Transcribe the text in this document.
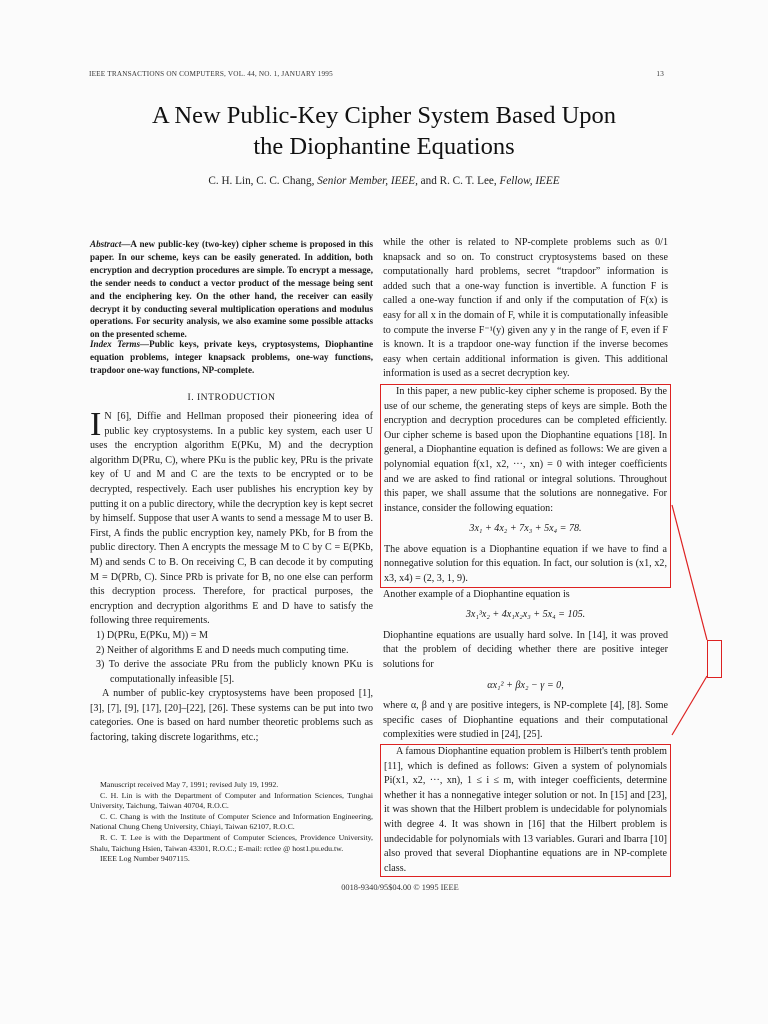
IEEE TRANSACTIONS ON COMPUTERS, VOL. 44, NO. 1, JANUARY 1995	13
A New Public-Key Cipher System Based Upon
the Diophantine Equations
C. H. Lin, C. C. Chang, Senior Member, IEEE, and R. C. T. Lee, Fellow, IEEE
Abstract—A new public-key (two-key) cipher scheme is proposed in this paper. In our scheme, keys can be easily generated. In addition, both encryption and decryption procedures are simple. To encrypt a message, the sender needs to conduct a vector product of the message being sent and the enciphering key. On the other hand, the receiver can easily decrypt it by conducting several multiplication operations and modulus operations. For security analysis, we also examine some possible attacks on the presented scheme.
Index Terms—Public keys, private keys, cryptosystems, Diophantine equation problems, integer knapsack problems, one-way functions, trapdoor one-way functions, NP-complete.
I. INTRODUCTION

I N [6], Diffie and Hellman proposed their pioneering idea of public key cryptosystems. In a public key system, each user U uses the encryption algorithm E(PKu, M) and the decryption algorithm D(PRu, C), where PKu is the public key, PRu is the private key of U and M and C are the texts to be encrypted or to be decrypted, respectively. Each user publishes his encryption key by putting it on a public directory, while the decryption key is kept secret by himself. Suppose that user A wants to send a message M to user B. First, A finds the public encryption key, namely PKb, for B from the public directory. Then A encrypts the message M to C by C = E(PKb, M) and sends C to B. On receiving C, B can decode it by computing M = D(PRb, C). Since PRb is private for B, no one else can perform this decryption process. Therefore, for practical purposes, the encryption and decryption algorithms E and D have to satisfy the following three requirements.

1) D(PRu, E(PKu, M)) = M
2) Neither of algorithms E and D needs much computing time.
3) To derive the associate PRu from the publicly known PKu is computationally infeasible [5].

A number of public-key cryptosystems have been proposed [1], [3], [7], [9], [17], [20]–[22], [26]. These systems can be put into two categories. One is based on hard number theoretic problems such as factoring, taking discrete logarithms, etc.;

Manuscript received May 7, 1991; revised July 19, 1992.

C. H. Lin is with the Department of Computer and Information Sciences, Tunghai University, Taichung, Taiwan 40704, R.O.C.

C. C. Chang is with the Institute of Computer Science and Information Engineering, National Chung Cheng University, Chiayi, Taiwan 62107, R.O.C.

R. C. T. Lee is with the Department of Computer Sciences, Providence University, Shalu, Taichung Hsien, Taiwan 43301, R.O.C.; E-mail: rctlee @ host1.pu.edu.tw.

IEEE Log Number 9407115.

while the other is related to NP-complete problems such as 0/1 knapsack and so on. To construct cryptosystems based on these computationally hard problems, secret “trapdoor” information is added such that a one-way function is invertible. A function F is called a one-way function if and only if the computation of F(x) is easy for all x in the domain of F, while it is computationally infeasible to compute the inverse F⁻¹(y) given any y in the range of F, even if F is known. It is a trapdoor one-way function if the inverse becomes easy when certain additional information is given. This additional information is used as a secret decryption key.

In this paper, a new public-key cipher scheme is proposed. By the use of our scheme, the generating steps of keys are simple. Both the encryption and decryption procedures can be completed efficiently. Our cipher scheme is based upon the Diophantine equations [18]. In general, a Diophantine equation is defined as follows: We are given a polynomial equation f(x1, x2, ···, xn) = 0 with integer coefficients and we are asked to find rational or integral solutions. Throughout this paper, we shall assume that the solutions are nonnegative. For instance, consider the following equation:

3x₁ + 4x₂ + 7x₃ + 5x₄ = 78.

The above equation is a Diophantine equation if we have to find a nonnegative solution for this equation. In fact, our solution is (x1, x2, x3, x4) = (2, 3, 1, 9).

Another example of a Diophantine equation is

3x₁³x₂ + 4x₁x₂x₃ + 5x₄ = 105.

Diophantine equations are usually hard solve. In [14], it was proved that the problem of deciding whether there are positive integer solutions for

αx₁² + βx₂ − γ = 0,

where α, β and γ are positive integers, is NP-complete [4], [8]. Some specific cases of Diophantine equations and their computational complexities were studied in [24], [25].

A famous Diophantine equation problem is Hilbert's tenth problem [11], which is defined as follows: Given a system of polynomials Pi(x1, x2, ···, xn), 1 ≤ i ≤ m, with integer coefficients, determine whether it has a nonnegative integer solution or not. In [15] and [23], it was shown that the Hilbert problem is undecidable for polynomials with degree 4. It was shown in [16] that the Hilbert problem is undecidable for polynomials with 13 variables. Gurari and Ibarra [10] also proved that several Diophantine equations are in NP-complete class.

0018-9340/95$04.00 © 1995 IEEE
